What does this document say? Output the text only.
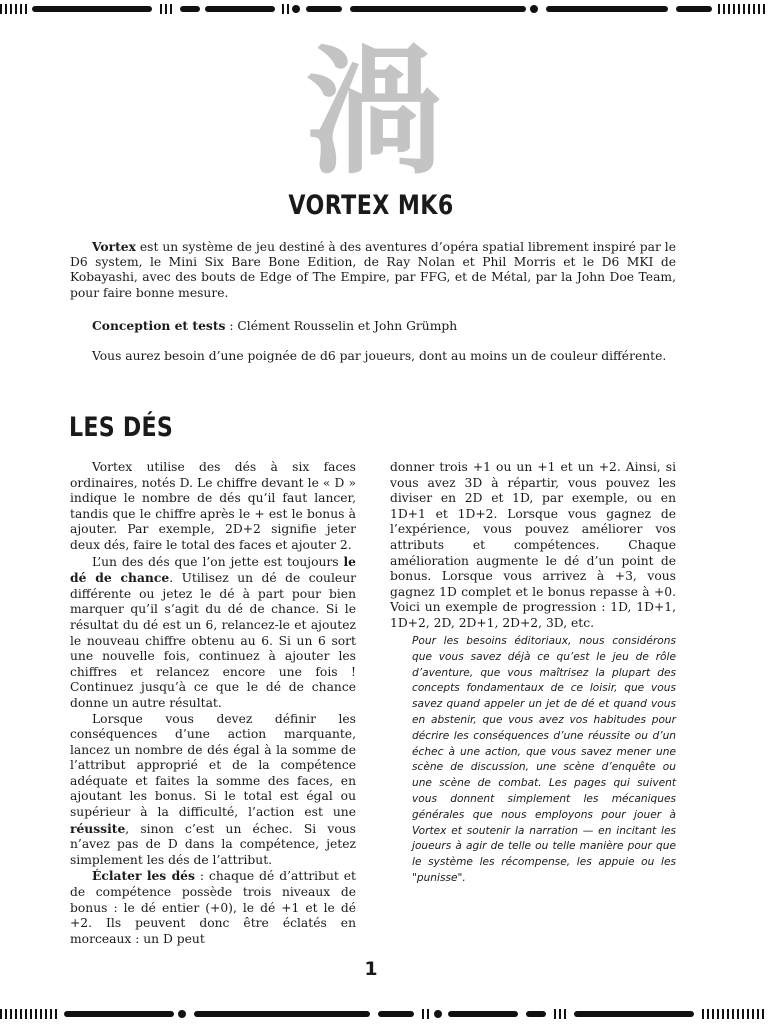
渦
VORTEX MK6

Vortex est un système de jeu destiné à des aventures d’opéra spatial librement inspiré par le D6 system, le Mini Six Bare Bone Edition, de Ray Nolan et Phil Morris et le D6 MKI de Kobayashi, avec des bouts de Edge of The Empire, par FFG, et de Métal, par la John Doe Team, pour faire bonne mesure.

Conception et tests : Clément Rousselin et John Grümph

Vous aurez besoin d’une poignée de d6 par joueurs, dont au moins un de couleur différente.

LES DÉS

Vortex utilise des dés à six faces ordinaires, notés D. Le chiffre devant le « D » indique le nombre de dés qu’il faut lancer, tandis que le chiffre après le + est le bonus à ajouter. Par exemple, 2D+2 signifie jeter deux dés, faire le total des faces et ajouter 2.

L’un des dés que l’on jette est toujours le dé de chance. Utilisez un dé de couleur différente ou jetez le dé à part pour bien marquer qu’il s’agit du dé de chance. Si le résultat du dé est un 6, relancez-le et ajoutez le nouveau chiffre obtenu au 6. Si un 6 sort une nouvelle fois, continuez à ajouter les chiffres et relancez encore une fois ! Continuez jusqu’à ce que le dé de chance donne un autre résultat.

Lorsque vous devez définir les conséquences d’une action marquante, lancez un nombre de dés égal à la somme de l’attribut approprié et de la compétence adéquate et faites la somme des faces, en ajoutant les bonus. Si le total est égal ou supérieur à la difficulté, l’action est une réussite, sinon c’est un échec. Si vous n’avez pas de D dans la compétence, jetez simplement les dés de l’attribut.

Éclater les dés : chaque dé d’attribut et de compétence possède trois niveaux de bonus : le dé entier (+0), le dé +1 et le dé +2. Ils peuvent donc être éclatés en morceaux : un D peut

donner trois +1 ou un +1 et un +2. Ainsi, si vous avez 3D à répartir, vous pouvez les diviser en 2D et 1D, par exemple, ou en 1D+1 et 1D+2. Lorsque vous gagnez de l’expérience, vous pouvez améliorer vos attributs et compétences. Chaque amélioration augmente le dé d’un point de bonus. Lorsque vous arrivez à +3, vous gagnez 1D complet et le bonus repasse à +0. Voici un exemple de progression : 1D, 1D+1, 1D+2, 2D, 2D+1, 2D+2, 3D, etc.

Pour les besoins éditoriaux, nous considérons que vous savez déjà ce qu’est le jeu de rôle d’aventure, que vous maîtrisez la plupart des concepts fondamentaux de ce loisir, que vous savez quand appeler un jet de dé et quand vous en abstenir, que vous avez vos habitudes pour décrire les conséquences d’une réussite ou d’un échec à une action, que vous savez mener une scène de discussion, une scène d’enquête ou une scène de combat. Les pages qui suivent vous donnent simplement les mécaniques générales que nous employons pour jouer à Vortex et soutenir la narration — en incitant les joueurs à agir de telle ou telle manière pour que le système les récompense, les appuie ou les "punisse".

1
